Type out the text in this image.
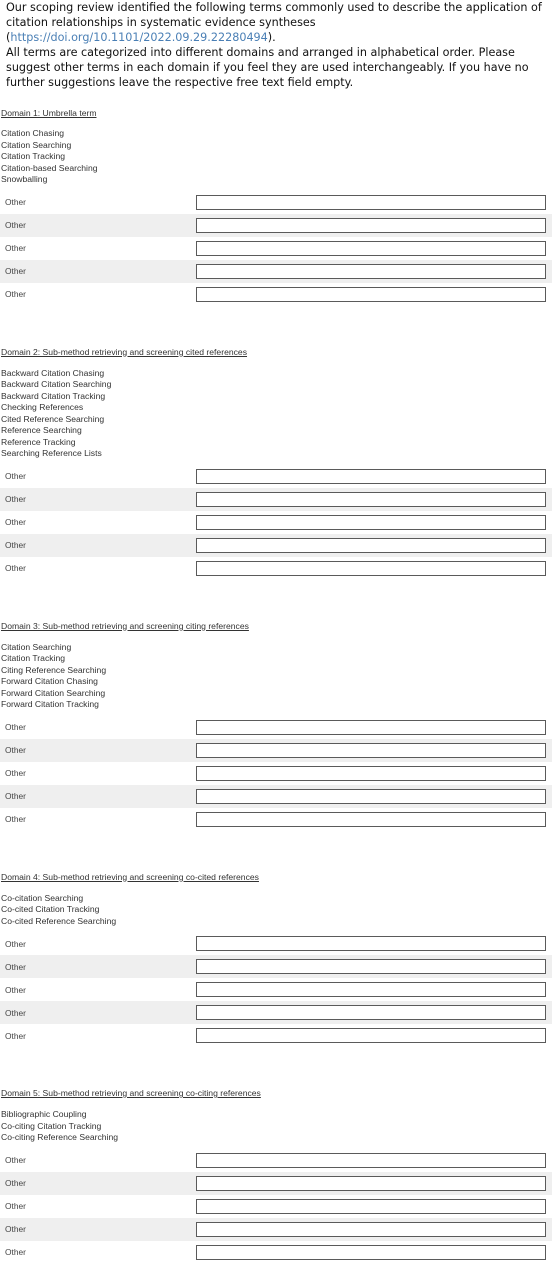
Our scoping review identified the following terms commonly used to describe the application of citation relationships in systematic evidence syntheses (https://doi.org/10.1101/2022.09.29.22280494).

All terms are categorized into different domains and arranged in alphabetical order. Please suggest other terms in each domain if you feel they are used interchangeably. If you have no further suggestions leave the respective free text field empty.

Domain 1: Umbrella term
Citation Chasing
Citation Searching
Citation Tracking
Citation-based Searching
Snowballing
Other
Other
Other
Other
Other
Domain 2: Sub-method retrieving and screening cited references
Backward Citation Chasing
Backward Citation Searching
Backward Citation Tracking
Checking References
Cited Reference Searching
Reference Searching
Reference Tracking
Searching Reference Lists
Other
Other
Other
Other
Other
Domain 3: Sub-method retrieving and screening citing references
Citation Searching
Citation Tracking
Citing Reference Searching
Forward Citation Chasing
Forward Citation Searching
Forward Citation Tracking
Other
Other
Other
Other
Other
Domain 4: Sub-method retrieving and screening co-cited references
Co-citation Searching
Co-cited Citation Tracking
Co-cited Reference Searching
Other
Other
Other
Other
Other
Domain 5: Sub-method retrieving and screening co-citing references
Bibliographic Coupling
Co-citing Citation Tracking
Co-citing Reference Searching
Other
Other
Other
Other
Other
